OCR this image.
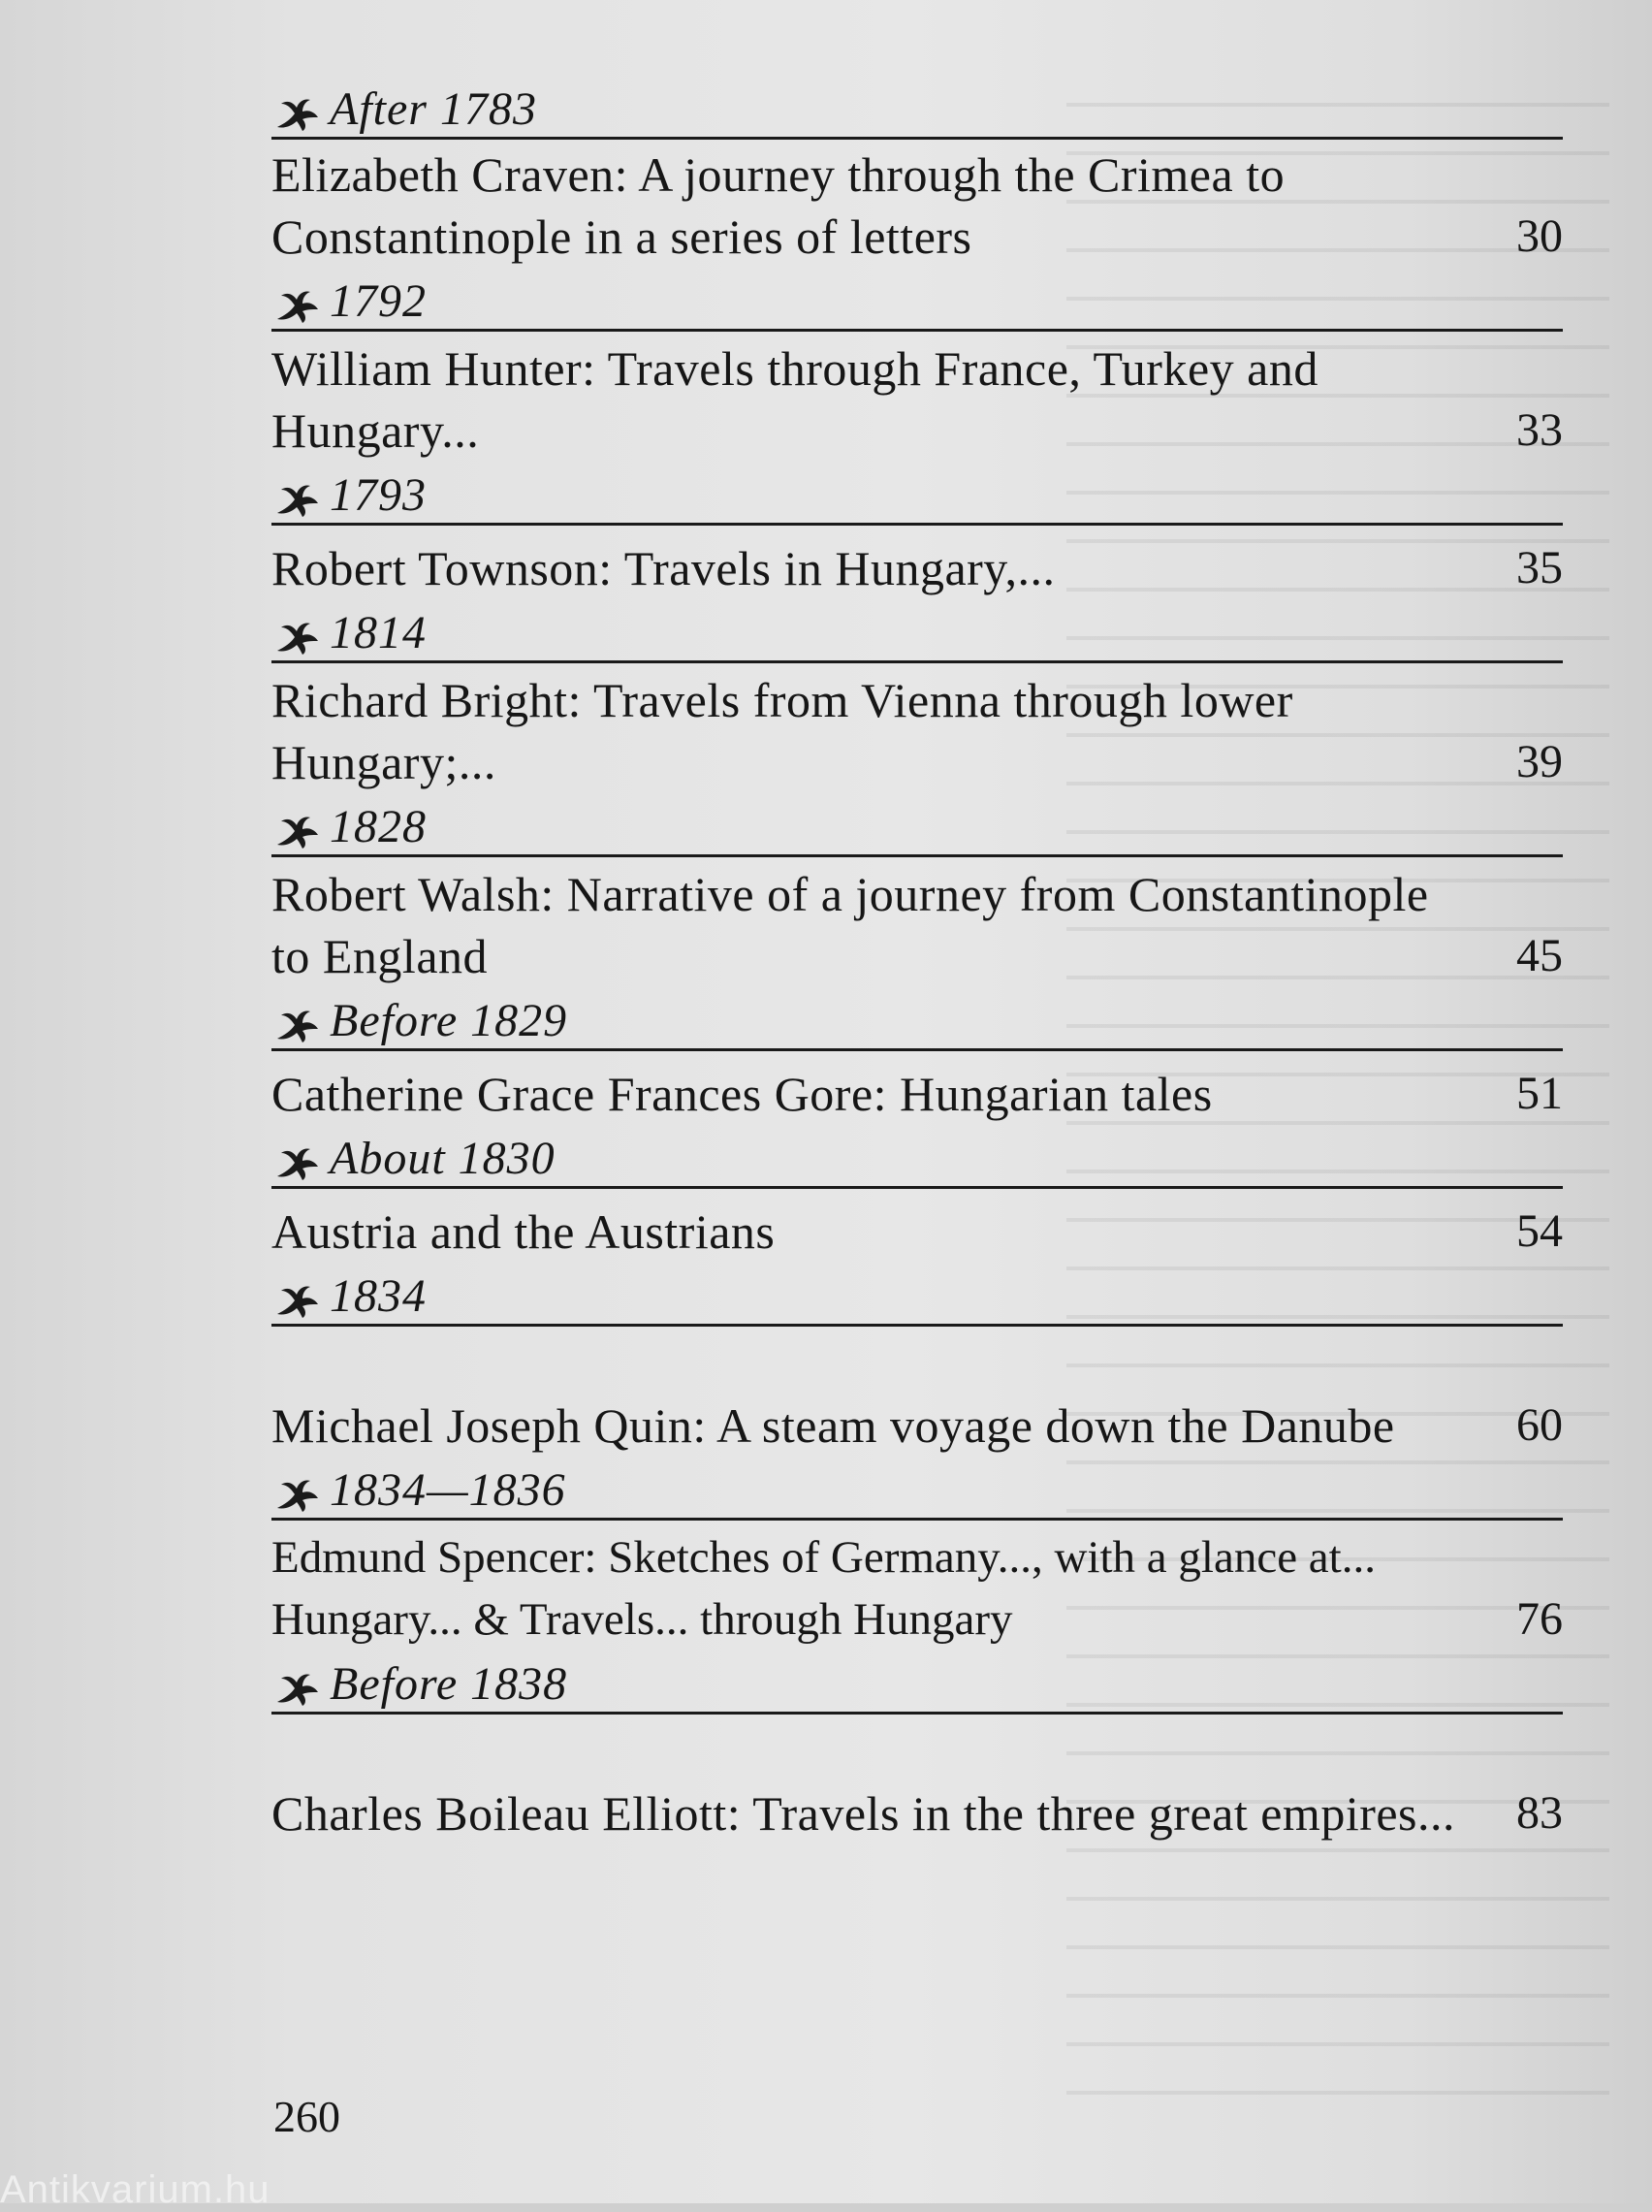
After 1783
Elizabeth Craven: A journey through the Crimea to Constantinople in a series of letters	30
1792
William Hunter: Travels through France, Turkey and Hungary...	33
1793
Robert Townson: Travels in Hungary,...	35
1814
Richard Bright: Travels from Vienna through lower Hungary;...	39
1828
Robert Walsh: Narrative of a journey from Constantinople to England	45
Before 1829
Catherine Grace Frances Gore: Hungarian tales	51
About 1830
Austria and the Austrians	54
1834
Michael Joseph Quin: A steam voyage down the Danube	60
1834—1836
Edmund Spencer: Sketches of Germany..., with a glance at... Hungary... & Travels... through Hungary	76
Before 1838
Charles Boileau Elliott: Travels in the three great empires...	83
260
Antikvarium.hu
